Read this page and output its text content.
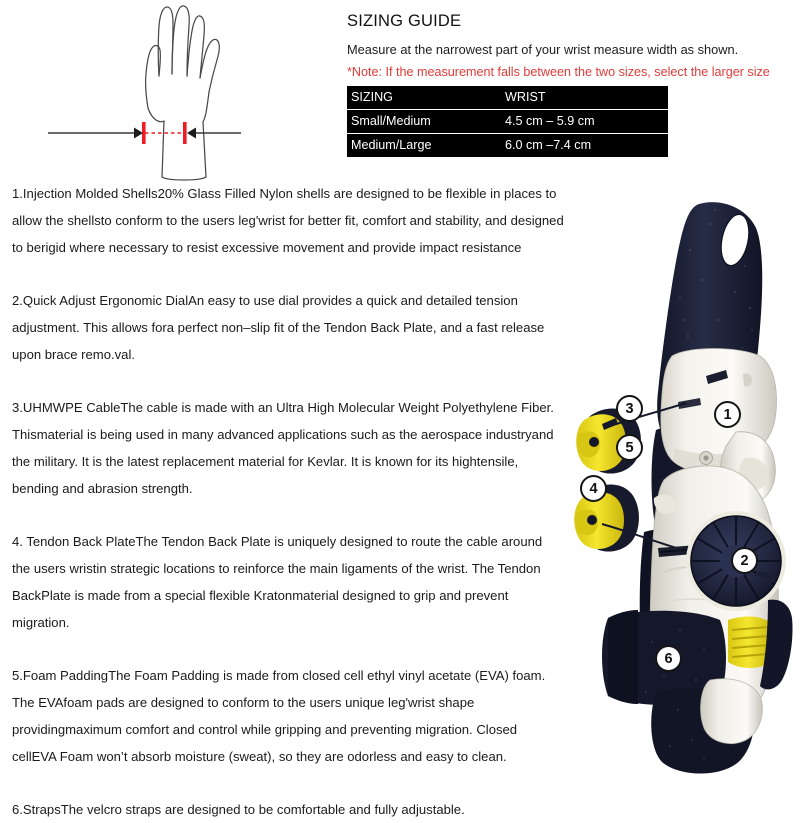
SIZING GUIDE

Measure at the narrowest part of your wrist measure width as shown.

*Note: If the measurement falls between the two sizes, select the larger size

SIZING	WRIST
Small/Medium	4.5 cm – 5.9 cm
Medium/Large	6.0 cm –7.4 cm

1.Injection Molded Shells20% Glass Filled Nylon shells are designed to be flexible in places to allow the shellsto conform to the users leg'wrist for better fit, comfort and stability, and designed to berigid where necessary to resist excessive movement and provide impact resistance

2.Quick Adjust Ergonomic DialAn easy to use dial provides a quick and detailed tension adjustment. This allows fora perfect non–slip fit of the Tendon Back Plate, and a fast release upon brace remo.val.

3.UHMWPE CableThe cable is made with an Ultra High Molecular Weight Polyethylene Fiber. Thismaterial is being used in many advanced applications such as the aerospace industryand the military. It is the latest replacement material for Kevlar. It is known for its hightensile, bending and abrasion strength.

4. Tendon Back PlateThe Tendon Back Plate is uniquely designed to route the cable around the users wristin strategic locations to reinforce the main ligaments of the wrist. The Tendon BackPlate is made from a special flexible Kratonmaterial designed to grip and prevent migration.

5.Foam PaddingThe Foam Padding is made from closed cell ethyl vinyl acetate (EVA) foam. The EVAfoam pads are designed to conform to the users unique leg'wrist shape providingmaximum comfort and control while gripping and preventing migration. Closed cellEVA Foam won’t absorb moisture (sweat), so they are odorless and easy to clean.

6.StrapsThe velcro straps are designed to be comfortable and fully adjustable.

1
2
3
4
5
6
